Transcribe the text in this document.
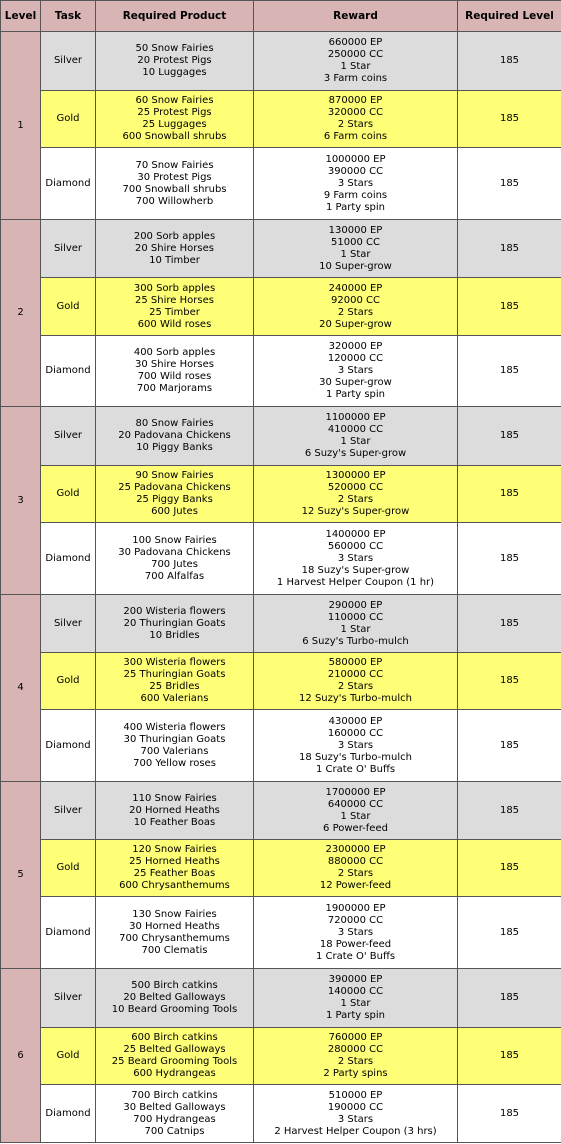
Level	Task	Required Product	Reward	Required Level
1	Silver	50 Snow Fairies
20 Protest Pigs
10 Luggages	660000 EP
250000 CC
1 Star
3 Farm coins	185
	Gold	60 Snow Fairies
25 Protest Pigs
25 Luggages
600 Snowball shrubs	870000 EP
320000 CC
2 Stars
6 Farm coins	185
	Diamond	70 Snow Fairies
30 Protest Pigs
700 Snowball shrubs
700 Willowherb	1000000 EP
390000 CC
3 Stars
9 Farm coins
1 Party spin	185
2	Silver	200 Sorb apples
20 Shire Horses
10 Timber	130000 EP
51000 CC
1 Star
10 Super-grow	185
	Gold	300 Sorb apples
25 Shire Horses
25 Timber
600 Wild roses	240000 EP
92000 CC
2 Stars
20 Super-grow	185
	Diamond	400 Sorb apples
30 Shire Horses
700 Wild roses
700 Marjorams	320000 EP
120000 CC
3 Stars
30 Super-grow
1 Party spin	185
3	Silver	80 Snow Fairies
20 Padovana Chickens
10 Piggy Banks	1100000 EP
410000 CC
1 Star
6 Suzy's Super-grow	185
	Gold	90 Snow Fairies
25 Padovana Chickens
25 Piggy Banks
600 Jutes	1300000 EP
520000 CC
2 Stars
12 Suzy's Super-grow	185
	Diamond	100 Snow Fairies
30 Padovana Chickens
700 Jutes
700 Alfalfas	1400000 EP
560000 CC
3 Stars
18 Suzy's Super-grow
1 Harvest Helper Coupon (1 hr)	185
4	Silver	200 Wisteria flowers
20 Thuringian Goats
10 Bridles	290000 EP
110000 CC
1 Star
6 Suzy's Turbo-mulch	185
	Gold	300 Wisteria flowers
25 Thuringian Goats
25 Bridles
600 Valerians	580000 EP
210000 CC
2 Stars
12 Suzy's Turbo-mulch	185
	Diamond	400 Wisteria flowers
30 Thuringian Goats
700 Valerians
700 Yellow roses	430000 EP
160000 CC
3 Stars
18 Suzy's Turbo-mulch
1 Crate O' Buffs	185
5	Silver	110 Snow Fairies
20 Horned Heaths
10 Feather Boas	1700000 EP
640000 CC
1 Star
6 Power-feed	185
	Gold	120 Snow Fairies
25 Horned Heaths
25 Feather Boas
600 Chrysanthemums	2300000 EP
880000 CC
2 Stars
12 Power-feed	185
	Diamond	130 Snow Fairies
30 Horned Heaths
700 Chrysanthemums
700 Clematis	1900000 EP
720000 CC
3 Stars
18 Power-feed
1 Crate O' Buffs	185
6	Silver	500 Birch catkins
20 Belted Galloways
10 Beard Grooming Tools	390000 EP
140000 CC
1 Star
1 Party spin	185
	Gold	600 Birch catkins
25 Belted Galloways
25 Beard Grooming Tools
600 Hydrangeas	760000 EP
280000 CC
2 Stars
2 Party spins	185
	Diamond	700 Birch catkins
30 Belted Galloways
700 Hydrangeas
700 Catnips	510000 EP
190000 CC
3 Stars
2 Harvest Helper Coupon (3 hrs)	185
